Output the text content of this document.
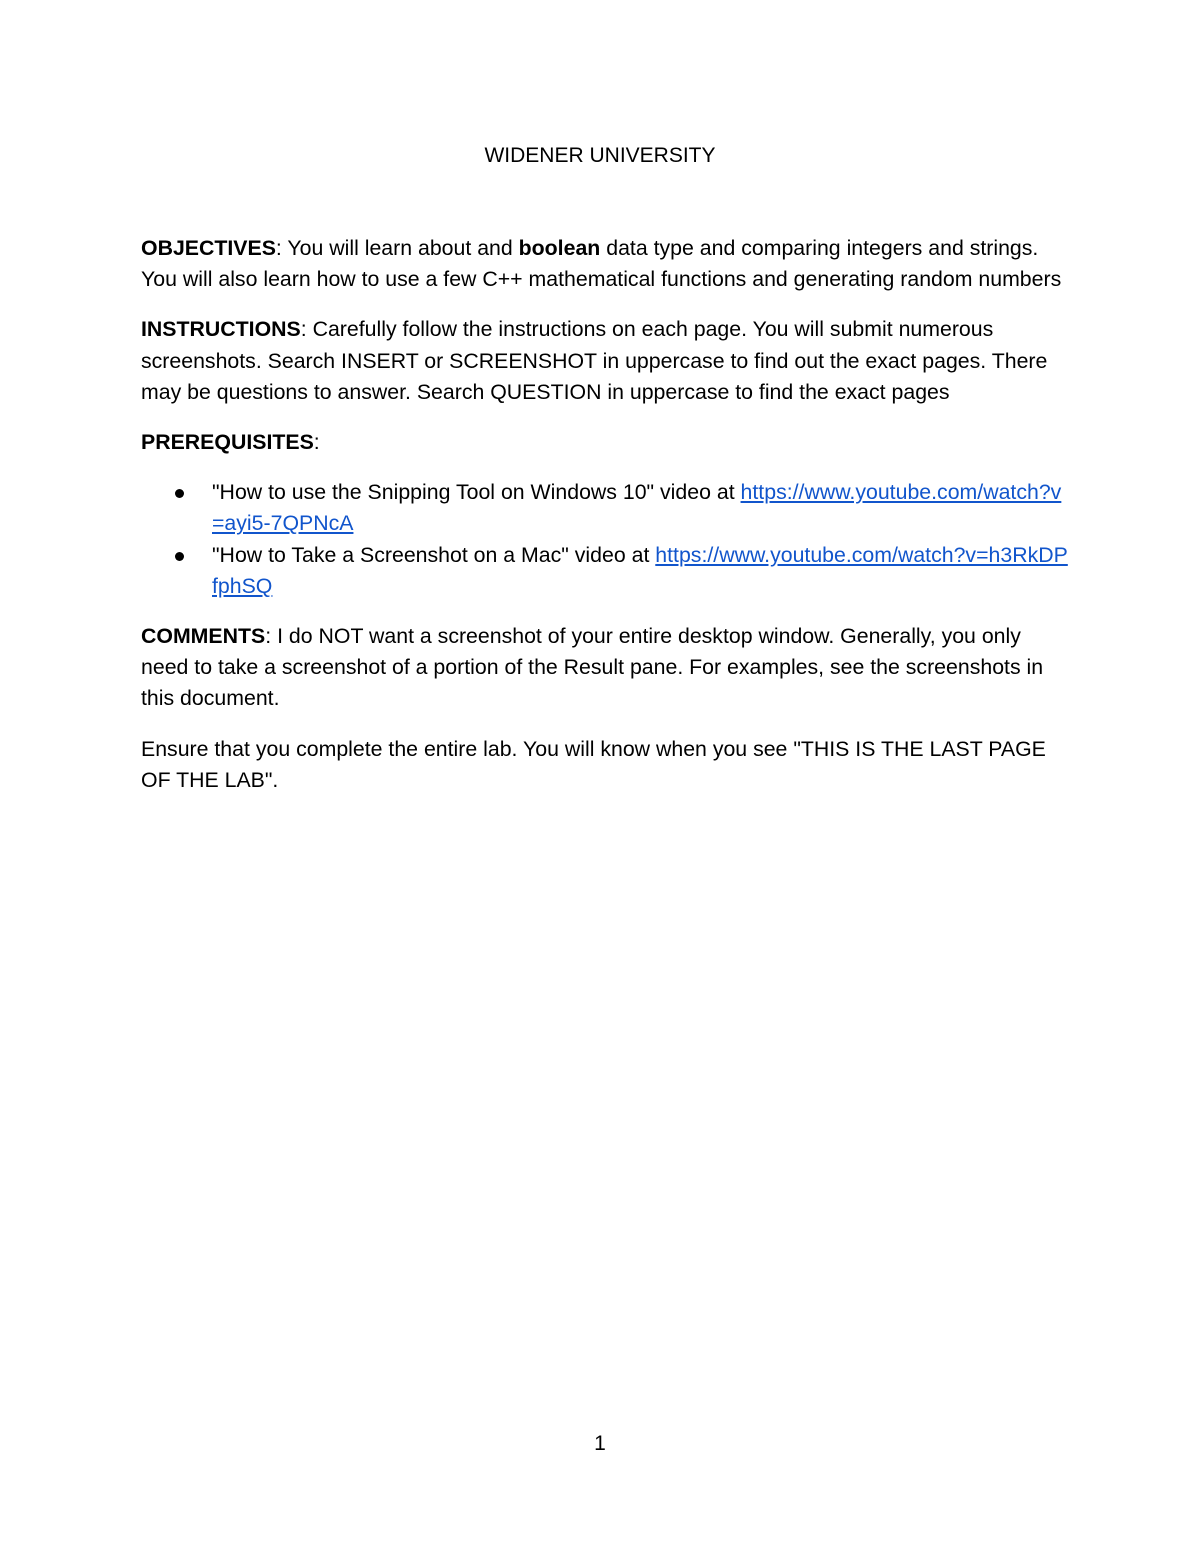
WIDENER UNIVERSITY

OBJECTIVES: You will learn about and boolean data type and comparing integers and strings. You will also learn how to use a few C++ mathematical functions and generating random numbers

INSTRUCTIONS: Carefully follow the instructions on each page. You will submit numerous screenshots. Search INSERT or SCREENSHOT in uppercase to find out the exact pages. There may be questions to answer. Search QUESTION in uppercase to find the exact pages

PREREQUISITES:

"How to use the Snipping Tool on Windows 10" video at https://www.youtube.com/watch?v=ayi5-7QPNcA
"How to Take a Screenshot on a Mac" video at https://www.youtube.com/watch?v=h3RkDPfphSQ

COMMENTS: I do NOT want a screenshot of your entire desktop window. Generally, you only need to take a screenshot of a portion of the Result pane. For examples, see the screenshots in this document.

Ensure that you complete the entire lab. You will know when you see "THIS IS THE LAST PAGE OF THE LAB".

1
